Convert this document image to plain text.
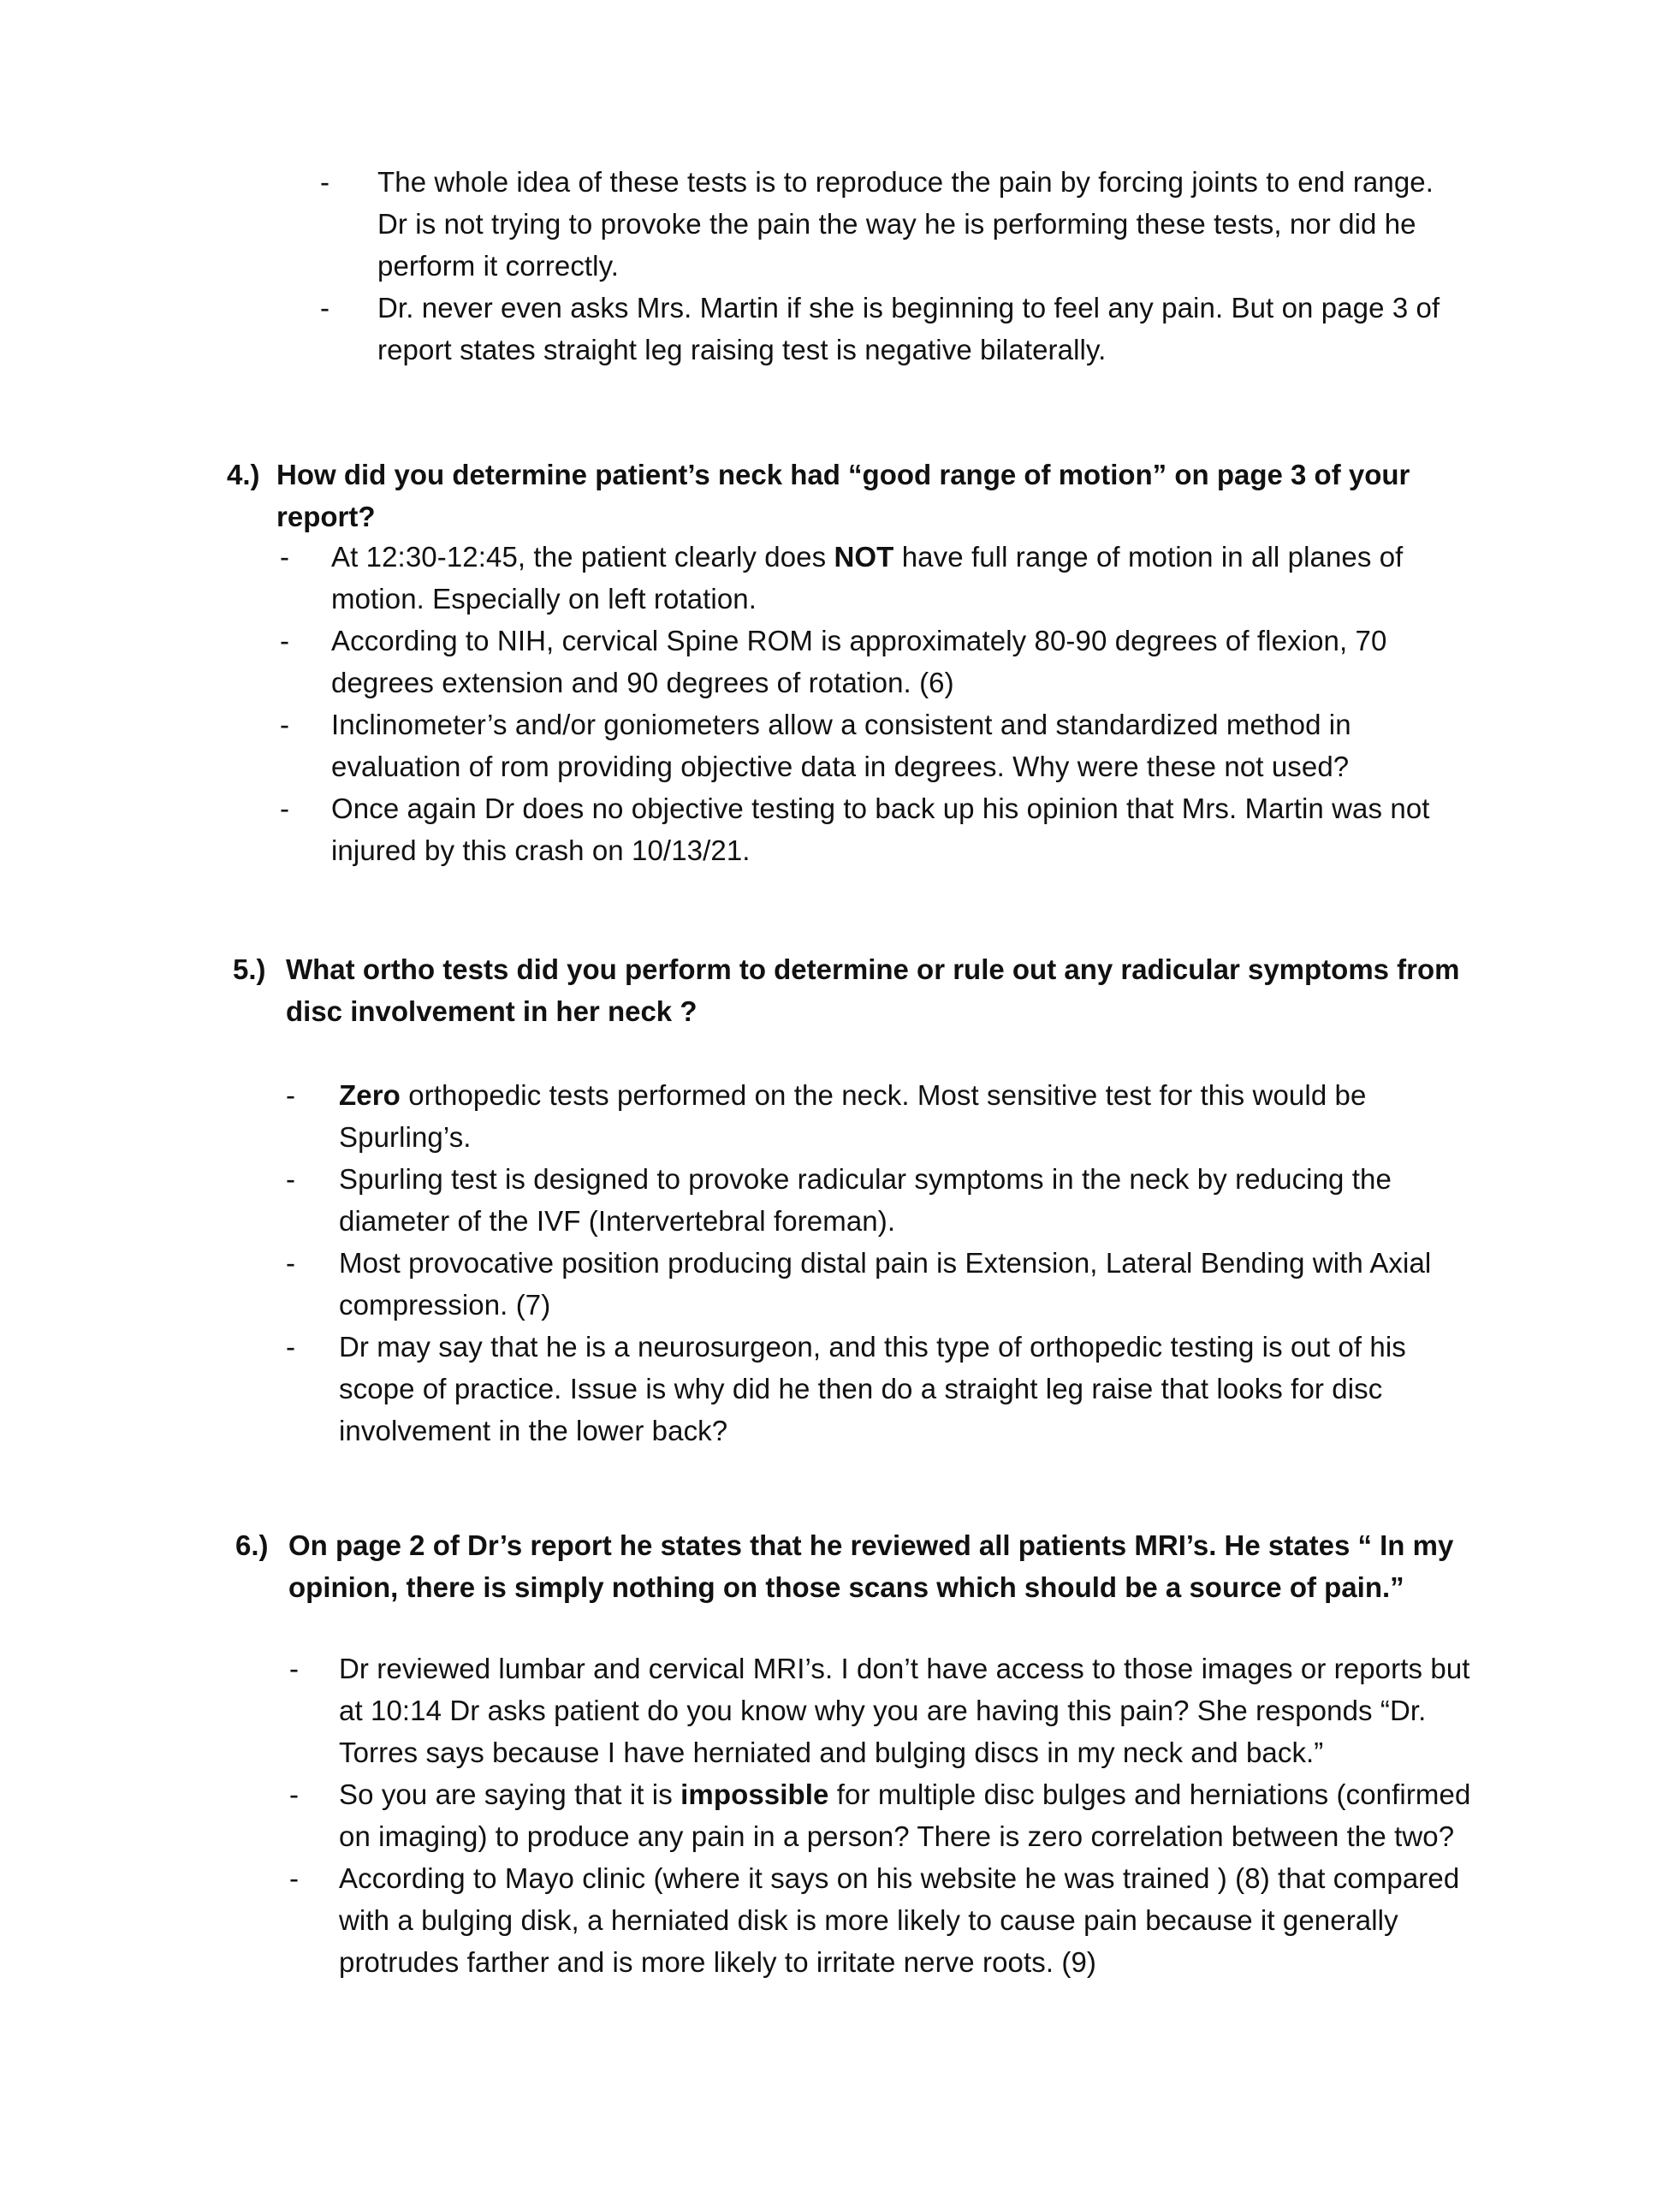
- The whole idea of these tests is to reproduce the pain by forcing joints to end range. Dr is not trying to provoke the pain the way he is performing these tests, nor did he perform it correctly.
- Dr. never even asks Mrs. Martin if she is beginning to feel any pain. But on page 3 of report states straight leg raising test is negative bilaterally.
4.) How did you determine patient’s neck had “good range of motion” on page 3 of your report?
- At 12:30-12:45, the patient clearly does NOT have full range of motion in all planes of motion. Especially on left rotation.
- According to NIH, cervical Spine ROM is approximately 80-90 degrees of flexion, 70 degrees extension and 90 degrees of rotation. (6)
- Inclinometer’s and/or goniometers allow a consistent and standardized method in evaluation of rom providing objective data in degrees. Why were these not used?
- Once again Dr does no objective testing to back up his opinion that Mrs. Martin was not injured by this crash on 10/13/21.
5.) What ortho tests did you perform to determine or rule out any radicular symptoms from disc involvement in her neck ?
- Zero orthopedic tests performed on the neck. Most sensitive test for this would be Spurling’s.
- Spurling test is designed to provoke radicular symptoms in the neck by reducing the diameter of the IVF (Intervertebral foreman).
- Most provocative position producing distal pain is Extension, Lateral Bending with Axial compression. (7)
- Dr may say that he is a neurosurgeon, and this type of orthopedic testing is out of his scope of practice. Issue is why did he then do a straight leg raise that looks for disc involvement in the lower back?
6.) On page 2 of Dr’s report he states that he reviewed all patients MRI’s. He states “ In my opinion, there is simply nothing on those scans which should be a source of pain.”
- Dr reviewed lumbar and cervical MRI’s. I don’t have access to those images or reports but at 10:14 Dr asks patient do you know why you are having this pain? She responds “Dr. Torres says because I have herniated and bulging discs in my neck and back.”
- So you are saying that it is impossible for multiple disc bulges and herniations (confirmed on imaging) to produce any pain in a person? There is zero correlation between the two?
- According to Mayo clinic (where it says on his website he was trained ) (8) that compared with a bulging disk, a herniated disk is more likely to cause pain because it generally protrudes farther and is more likely to irritate nerve roots. (9)
